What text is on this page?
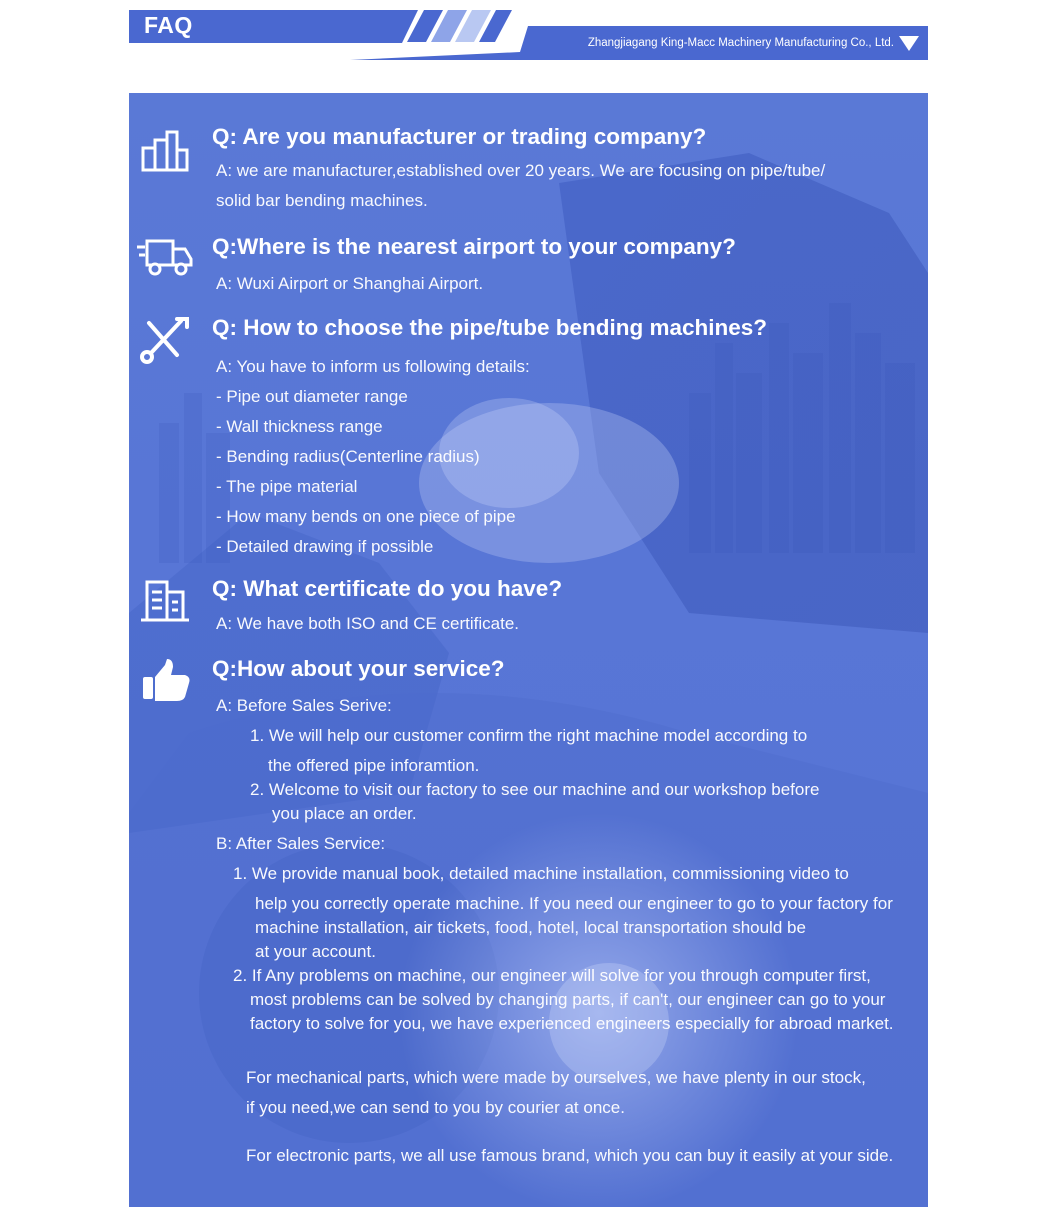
FAQ
Zhangjiagang King-Macc Machinery Manufacturing Co., Ltd.
Q: Are you manufacturer or trading company?
A: we are manufacturer,established over 20 years. We are focusing on pipe/tube/
solid bar bending machines.
Q:Where is the nearest airport to your company?
A: Wuxi Airport or Shanghai Airport.
Q: How to choose the pipe/tube bending machines?
A: You have to inform us following details:
- Pipe out diameter range
- Wall thickness range
- Bending radius(Centerline radius)
- The pipe material
- How many bends on one piece of pipe
- Detailed drawing if possible
Q: What certificate do you have?
A: We have both ISO and CE certificate.
Q:How about your service?
A: Before Sales Serive:
1. We will help our customer confirm the right machine model according to
the offered pipe inforamtion.
2. Welcome to visit our factory to see our machine and our workshop before
you place an order.
B: After Sales Service:
1. We provide manual book, detailed machine installation, commissioning video to
help you correctly operate machine. If you need our engineer to go to your factory for
machine installation, air tickets, food, hotel, local transportation should be
at your account.
2. If Any problems on machine, our engineer will solve for you through computer first,
most problems can be solved by changing parts, if can't, our engineer can go to your
factory to solve for you, we have experienced engineers especially for abroad market.
For mechanical parts, which were made by ourselves, we have plenty in our stock,
if you need,we can send to you by courier at once.
For electronic parts, we all use famous brand, which you can buy it easily at your side.
